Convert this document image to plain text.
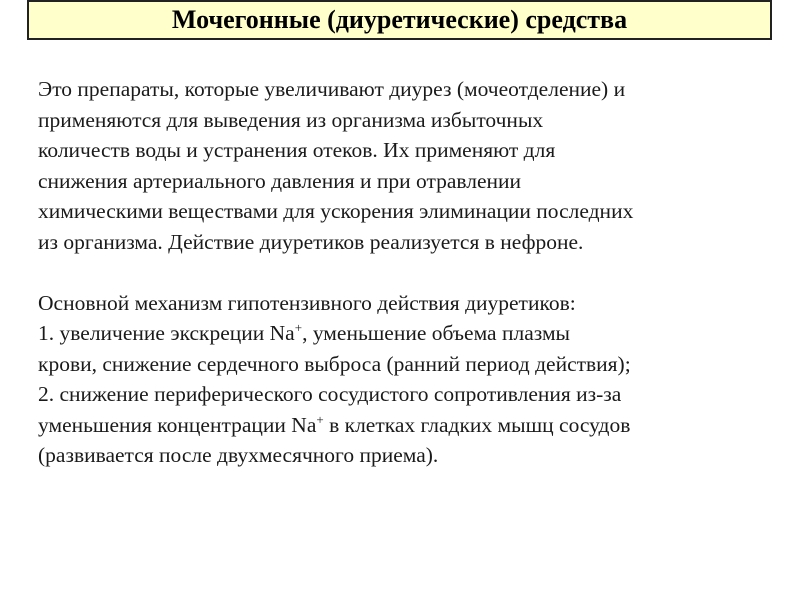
Мочегонные (диуретические) средства
Это препараты, которые увеличивают диурез (мочеотделение) и
применяются для выведения из организма избыточных
количеств воды и устранения отеков. Их применяют для
снижения артериального давления и при отравлении
химическими веществами для ускорения элиминации последних
из организма. Действие диуретиков реализуется в нефроне.
Основной механизм гипотензивного действия диуретиков:
1. увеличение экскреции Na+, уменьшение объема плазмы
крови, снижение сердечного выброса (ранний период действия);
2. снижение периферического сосудистого сопротивления из-за
уменьшения концентрации Na+ в клетках гладких мышц сосудов
(развивается после двухмесячного приема).
